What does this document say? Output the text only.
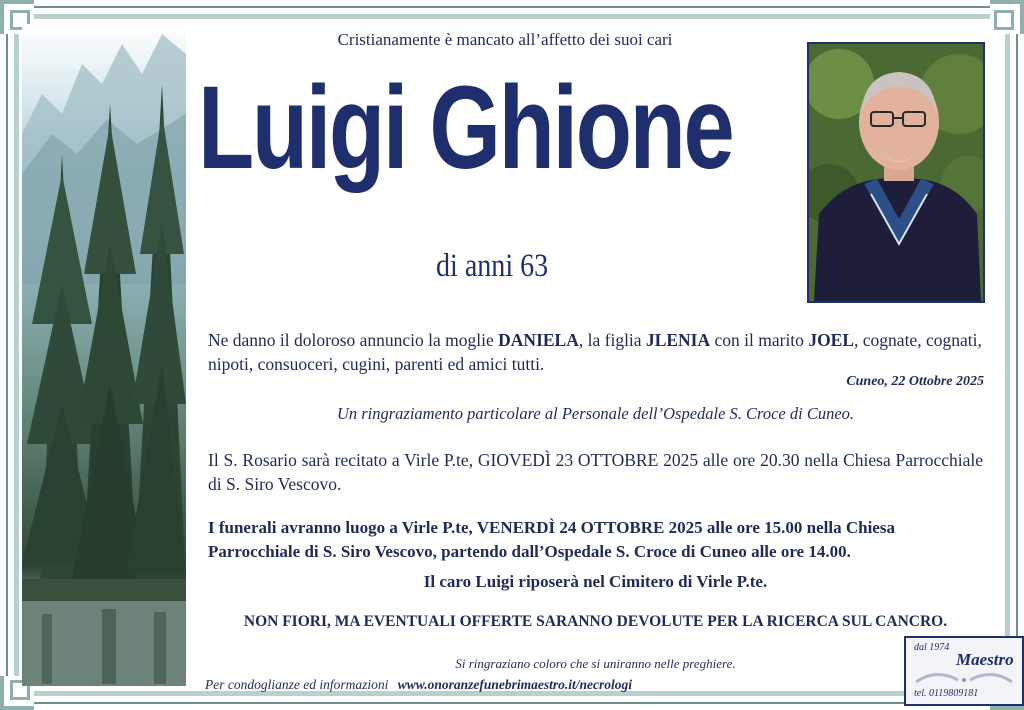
Cristianamente è mancato all’affetto dei suoi cari
Luigi Ghione
di anni 63
Ne danno il doloroso annuncio la moglie DANIELA, la figlia JLENIA con il marito JOEL, cognate, cognati, nipoti, consuoceri, cugini, parenti ed amici tutti.
Cuneo, 22 Ottobre 2025
Un ringraziamento particolare al Personale dell’Ospedale S. Croce di Cuneo.
Il S. Rosario sarà recitato a Virle P.te, GIOVEDÌ 23 OTTOBRE 2025 alle ore 20.30 nella Chiesa Parrocchiale di S. Siro Vescovo.
I funerali avranno luogo a Virle P.te, VENERDÌ 24 OTTOBRE 2025 alle ore 15.00 nella Chiesa Parrocchiale di S. Siro Vescovo, partendo dall’Ospedale S. Croce di Cuneo alle ore 14.00.
Il caro Luigi riposerà nel Cimitero di Virle P.te.
NON FIORI, MA EVENTUALI OFFERTE SARANNO DEVOLUTE PER LA RICERCA SUL CANCRO.
Si ringraziano coloro che si uniranno nelle preghiere.
Per condoglianze ed informazioni www.onoranzefunebrimaestro.it/necrologi
dal 1974
Maestro
tel. 0119809181
